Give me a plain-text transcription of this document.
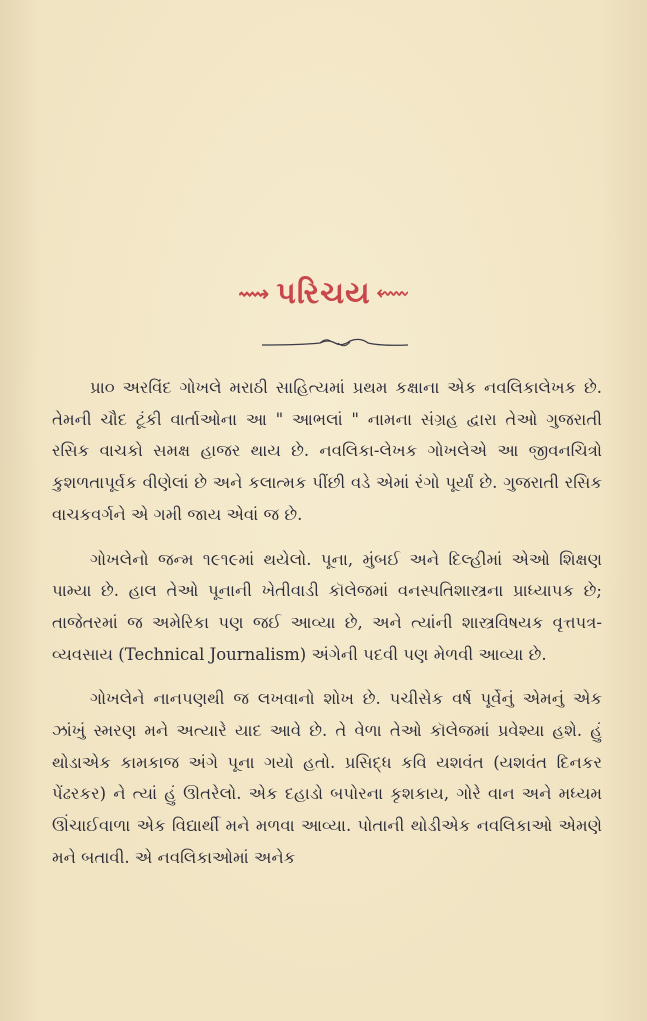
⟿ પરિચય ⬳

પ્રા૦ અરવિંદ ગોખલે મરાઠી સાહિત્યમાં પ્રથમ કક્ષાના એક નવલિકાલેખક છે. તેમની ચૌદ ટૂંકી વાર્તાઓના આ " આભલાં " નામના સંગ્રહ દ્વારા તેઓ ગુજરાતી રસિક વાચકો સમક્ષ હાજર થાય છે. નવલિકા-લેખક ગોખલેએ આ જીવનચિત્રો કુશળતાપૂર્વક વીણેલાં છે અને કલાત્મક પીંછી વડે એમાં રંગો પૂર્યાં છે. ગુજરાતી રસિક વાચકવર્ગને એ ગમી જાય એવાં જ છે.

ગોખલેનો જન્મ ૧૯૧૯માં થયેલો. પૂના, મુંબઈ અને દિલ્હીમાં એઓ શિક્ષણ પામ્યા છે. હાલ તેઓ પૂનાની ખેતીવાડી કૉલેજમાં વનસ્પતિશાસ્ત્રના પ્રાધ્યાપક છે; તાજેતરમાં જ અમેરિકા પણ જઈ આવ્યા છે, અને ત્યાંની શાસ્ત્રવિષયક વૃત્તપત્ર-વ્યવસાય (Technical Journalism) અંગેની પદવી પણ મેળવી આવ્યા છે.

ગોખલેને નાનપણથી જ લખવાનો શોખ છે. પચીસેક વર્ષ પૂર્વેનું એમનું એક ઝાંખું સ્મરણ મને અત્યારે યાદ આવે છે. તે વેળા તેઓ કૉલેજમાં પ્રવેશ્યા હશે. હું થોડાએક કામકાજ અંગે પૂના ગયો હતો. પ્રસિદ્ધ કવિ યશવંત (યશવંત દિનકર પેંઢરકર) ને ત્યાં હું ઊતરેલો. એક દહાડો બપોરના કૃશકાય, ગોરે વાન અને મધ્યમ ઊંચાઈવાળા એક વિદ્યાર્થી મને મળવા આવ્યા. પોતાની થોડીએક નવલિકાઓ એમણે મને બતાવી. એ નવલિકાઓમાં અનેક
